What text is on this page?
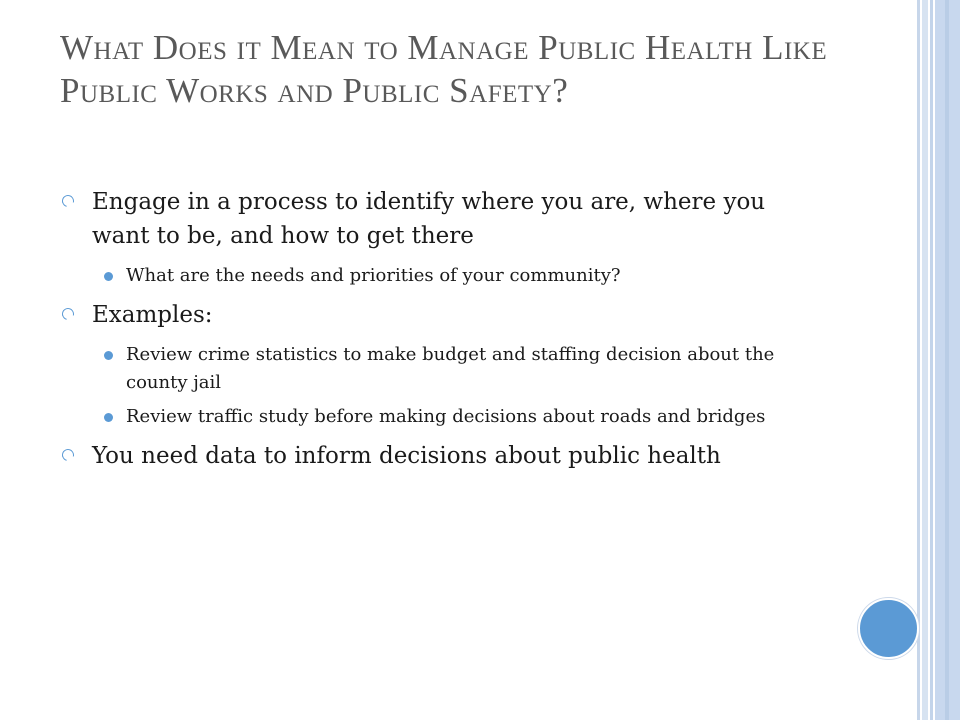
What Does it Mean to Manage Public Health Like Public Works and Public Safety?
Engage in a process to identify where you are, where you want to be, and how to get there
What are the needs and priorities of your community?
Examples:
Review crime statistics to make budget and staffing decision about the county jail
Review traffic study before making decisions about roads and bridges
You need data to inform decisions about public health
